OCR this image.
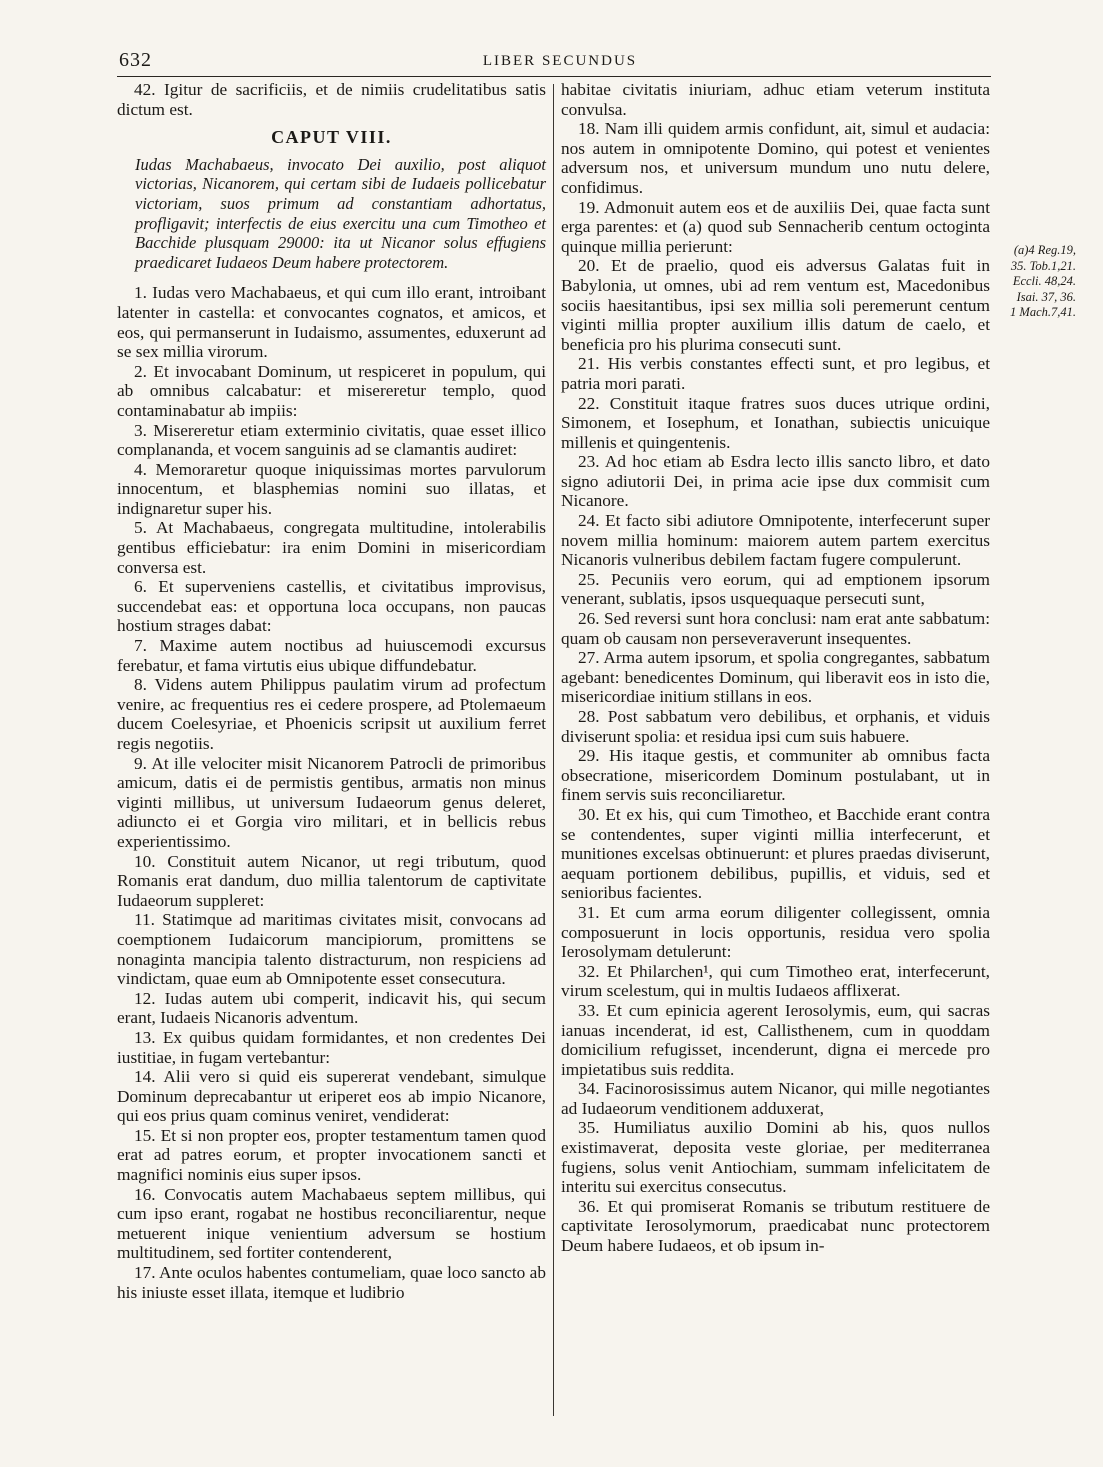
632	LIBER SECUNDUS

42. Igitur de sacrificiis, et de nimiis crudelitatibus satis dictum est.

CAPUT VIII.

Iudas Machabaeus, invocato Dei auxilio, post aliquot victorias, Nicanorem, qui certam sibi de Iudaeis pollicebatur victoriam, suos primum ad constantiam adhortatus, profligavit; interfectis de eius exercitu una cum Timotheo et Bacchide plusquam 29000: ita ut Nicanor solus effugiens praedicaret Iudaeos Deum habere protectorem.

1. Iudas vero Machabaeus, et qui cum illo erant, introibant latenter in castella: et convocantes cognatos, et amicos, et eos, qui permanserunt in Iudaismo, assumentes, eduxerunt ad se sex millia virorum.

2. Et invocabant Dominum, ut respiceret in populum, qui ab omnibus calcabatur: et misereretur templo, quod contaminabatur ab impiis:

3. Misereretur etiam exterminio civitatis, quae esset illico complananda, et vocem sanguinis ad se clamantis audiret:

4. Memoraretur quoque iniquissimas mortes parvulorum innocentum, et blasphemias nomini suo illatas, et indignaretur super his.

5. At Machabaeus, congregata multitudine, intolerabilis gentibus efficiebatur: ira enim Domini in misericordiam conversa est.

6. Et superveniens castellis, et civitatibus improvisus, succendebat eas: et opportuna loca occupans, non paucas hostium strages dabat:

7. Maxime autem noctibus ad huiuscemodi excursus ferebatur, et fama virtutis eius ubique diffundebatur.

8. Videns autem Philippus paulatim virum ad profectum venire, ac frequentius res ei cedere prospere, ad Ptolemaeum ducem Coelesyriae, et Phoenicis scripsit ut auxilium ferret regis negotiis.

9. At ille velociter misit Nicanorem Patrocli de primoribus amicum, datis ei de permistis gentibus, armatis non minus viginti millibus, ut universum Iudaeorum genus deleret, adiuncto ei et Gorgia viro militari, et in bellicis rebus experientissimo.

10. Constituit autem Nicanor, ut regi tributum, quod Romanis erat dandum, duo millia talentorum de captivitate Iudaeorum suppleret:

11. Statimque ad maritimas civitates misit, convocans ad coemptionem Iudaicorum mancipiorum, promittens se nonaginta mancipia talento distracturum, non respiciens ad vindictam, quae eum ab Omnipotente esset consecutura.

12. Iudas autem ubi comperit, indicavit his, qui secum erant, Iudaeis Nicanoris adventum.

13. Ex quibus quidam formidantes, et non credentes Dei iustitiae, in fugam vertebantur:

14. Alii vero si quid eis supererat vendebant, simulque Dominum deprecabantur ut eriperet eos ab impio Nicanore, qui eos prius quam cominus veniret, vendiderat:

15. Et si non propter eos, propter testamentum tamen quod erat ad patres eorum, et propter invocationem sancti et magnifici nominis eius super ipsos.

16. Convocatis autem Machabaeus septem millibus, qui cum ipso erant, rogabat ne hostibus reconciliarentur, neque metuerent inique venientium adversum se hostium multitudinem, sed fortiter contenderent,

17. Ante oculos habentes contumeliam, quae loco sancto ab his iniuste esset illata, itemque et ludibrio

habitae civitatis iniuriam, adhuc etiam veterum instituta convulsa.

18. Nam illi quidem armis confidunt, ait, simul et audacia: nos autem in omnipotente Domino, qui potest et venientes adversum nos, et universum mundum uno nutu delere, confidimus.

19. Admonuit autem eos et de auxiliis Dei, quae facta sunt erga parentes: et (a) quod sub Sennacherib centum octoginta quinque millia perierunt:

20. Et de praelio, quod eis adversus Galatas fuit in Babylonia, ut omnes, ubi ad rem ventum est, Macedonibus sociis haesitantibus, ipsi sex millia soli peremerunt centum viginti millia propter auxilium illis datum de caelo, et beneficia pro his plurima consecuti sunt.

21. His verbis constantes effecti sunt, et pro legibus, et patria mori parati.

22. Constituit itaque fratres suos duces utrique ordini, Simonem, et Iosephum, et Ionathan, subiectis unicuique millenis et quingentenis.

23. Ad hoc etiam ab Esdra lecto illis sancto libro, et dato signo adiutorii Dei, in prima acie ipse dux commisit cum Nicanore.

24. Et facto sibi adiutore Omnipotente, interfecerunt super novem millia hominum: maiorem autem partem exercitus Nicanoris vulneribus debilem factam fugere compulerunt.

25. Pecuniis vero eorum, qui ad emptionem ipsorum venerant, sublatis, ipsos usquequaque persecuti sunt,

26. Sed reversi sunt hora conclusi: nam erat ante sabbatum: quam ob causam non perseveraverunt insequentes.

27. Arma autem ipsorum, et spolia congregantes, sabbatum agebant: benedicentes Dominum, qui liberavit eos in isto die, misericordiae initium stillans in eos.

28. Post sabbatum vero debilibus, et orphanis, et viduis diviserunt spolia: et residua ipsi cum suis habuere.

29. His itaque gestis, et communiter ab omnibus facta obsecratione, misericordem Dominum postulabant, ut in finem servis suis reconciliaretur.

30. Et ex his, qui cum Timotheo, et Bacchide erant contra se contendentes, super viginti millia interfecerunt, et munitiones excelsas obtinuerunt: et plures praedas diviserunt, aequam portionem debilibus, pupillis, et viduis, sed et senioribus facientes.

31. Et cum arma eorum diligenter collegissent, omnia composuerunt in locis opportunis, residua vero spolia Ierosolymam detulerunt:

32. Et Philarchen¹, qui cum Timotheo erat, interfecerunt, virum scelestum, qui in multis Iudaeos afflixerat.

33. Et cum epinicia agerent Ierosolymis, eum, qui sacras ianuas incenderat, id est, Callisthenem, cum in quoddam domicilium refugisset, incenderunt, digna ei mercede pro impietatibus suis reddita.

34. Facinorosissimus autem Nicanor, qui mille negotiantes ad Iudaeorum venditionem adduxerat,

35. Humiliatus auxilio Domini ab his, quos nullos existimaverat, deposita veste gloriae, per mediterranea fugiens, solus venit Antiochiam, summam infelicitatem de interitu sui exercitus consecutus.

36. Et qui promiserat Romanis se tributum restituere de captivitate Ierosolymorum, praedicabat nunc protectorem Deum habere Iudaeos, et ob ipsum in-

(a)4 Reg.19,
35. Tob.1,21.
Eccli. 48,24.
Isai. 37, 36.
1 Mach.7,41.
